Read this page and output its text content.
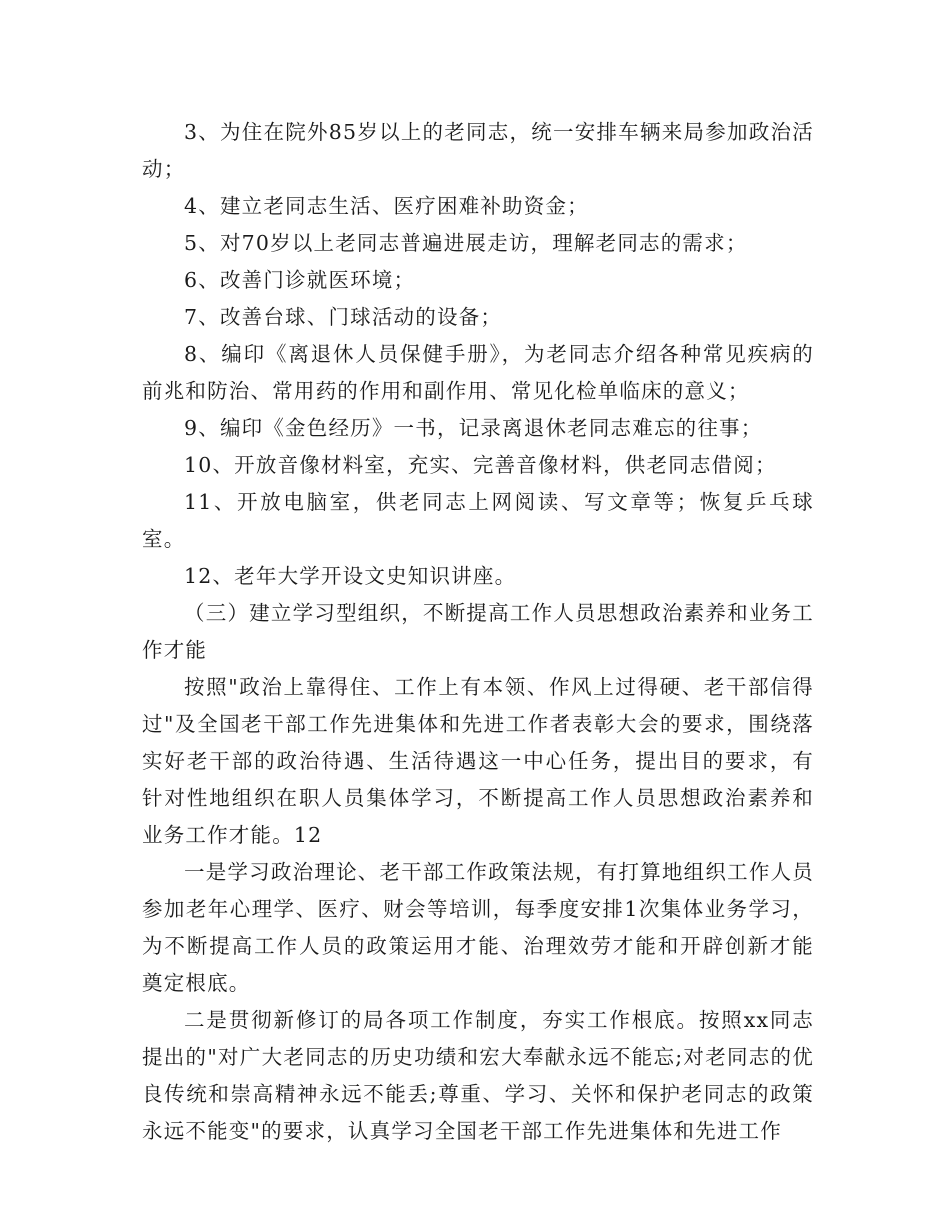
3、为住在院外85岁以上的老同志，统一安排车辆来局参加政治活动；

4、建立老同志生活、医疗困难补助资金；

5、对70岁以上老同志普遍进展走访，理解老同志的需求；

6、改善门诊就医环境；

7、改善台球、门球活动的设备；

8、编印《离退休人员保健手册》，为老同志介绍各种常见疾病的前兆和防治、常用药的作用和副作用、常见化检单临床的意义；

9、编印《金色经历》一书，记录离退休老同志难忘的往事；

10、开放音像材料室，充实、完善音像材料，供老同志借阅；

11、开放电脑室，供老同志上网阅读、写文章等；恢复乒乓球室。

12、老年大学开设文史知识讲座。

（三）建立学习型组织，不断提高工作人员思想政治素养和业务工作才能

按照"政治上靠得住、工作上有本领、作风上过得硬、老干部信得过"及全国老干部工作先进集体和先进工作者表彰大会的要求，围绕落实好老干部的政治待遇、生活待遇这一中心任务，提出目的要求，有针对性地组织在职人员集体学习，不断提高工作人员思想政治素养和业务工作才能。12

一是学习政治理论、老干部工作政策法规，有打算地组织工作人员参加老年心理学、医疗、财会等培训，每季度安排1次集体业务学习，为不断提高工作人员的政策运用才能、治理效劳才能和开辟创新才能奠定根底。

二是贯彻新修订的局各项工作制度，夯实工作根底。按照xx同志提出的"对广大老同志的历史功绩和宏大奉献永远不能忘;对老同志的优良传统和崇高精神永远不能丢;尊重、学习、关怀和保护老同志的政策永远不能变"的要求，认真学习全国老干部工作先进集体和先进工作
